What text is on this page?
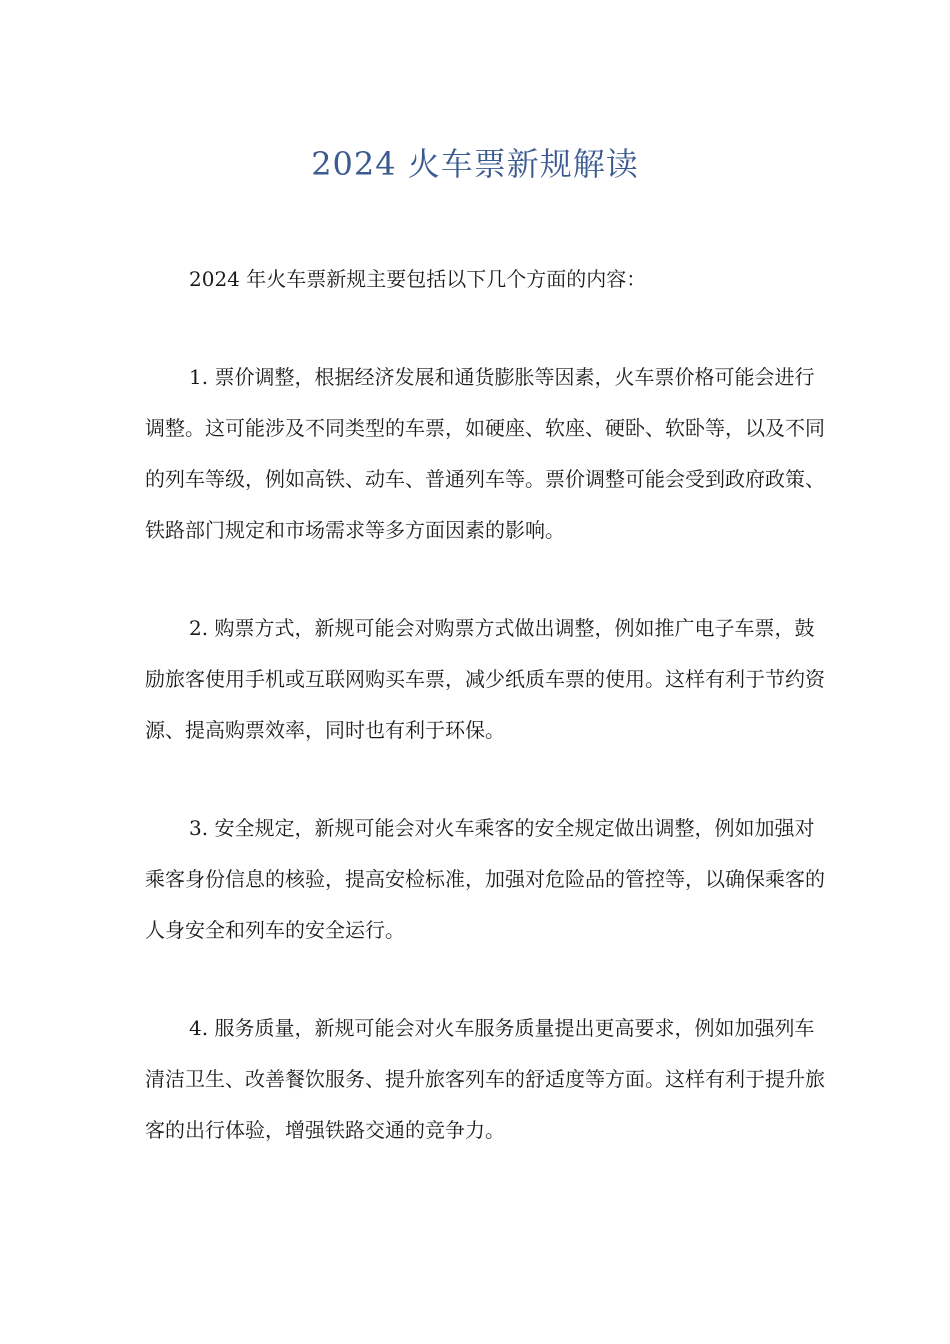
2024 火车票新规解读

2024 年火车票新规主要包括以下几个方面的内容：

1. 票价调整，根据经济发展和通货膨胀等因素，火车票价格可能会进行调整。这可能涉及不同类型的车票，如硬座、软座、硬卧、软卧等，以及不同的列车等级，例如高铁、动车、普通列车等。票价调整可能会受到政府政策、铁路部门规定和市场需求等多方面因素的影响。

2. 购票方式，新规可能会对购票方式做出调整，例如推广电子车票，鼓励旅客使用手机或互联网购买车票，减少纸质车票的使用。这样有利于节约资源、提高购票效率，同时也有利于环保。

3. 安全规定，新规可能会对火车乘客的安全规定做出调整，例如加强对乘客身份信息的核验，提高安检标准，加强对危险品的管控等，以确保乘客的人身安全和列车的安全运行。

4. 服务质量，新规可能会对火车服务质量提出更高要求，例如加强列车清洁卫生、改善餐饮服务、提升旅客列车的舒适度等方面。这样有利于提升旅客的出行体验，增强铁路交通的竞争力。
